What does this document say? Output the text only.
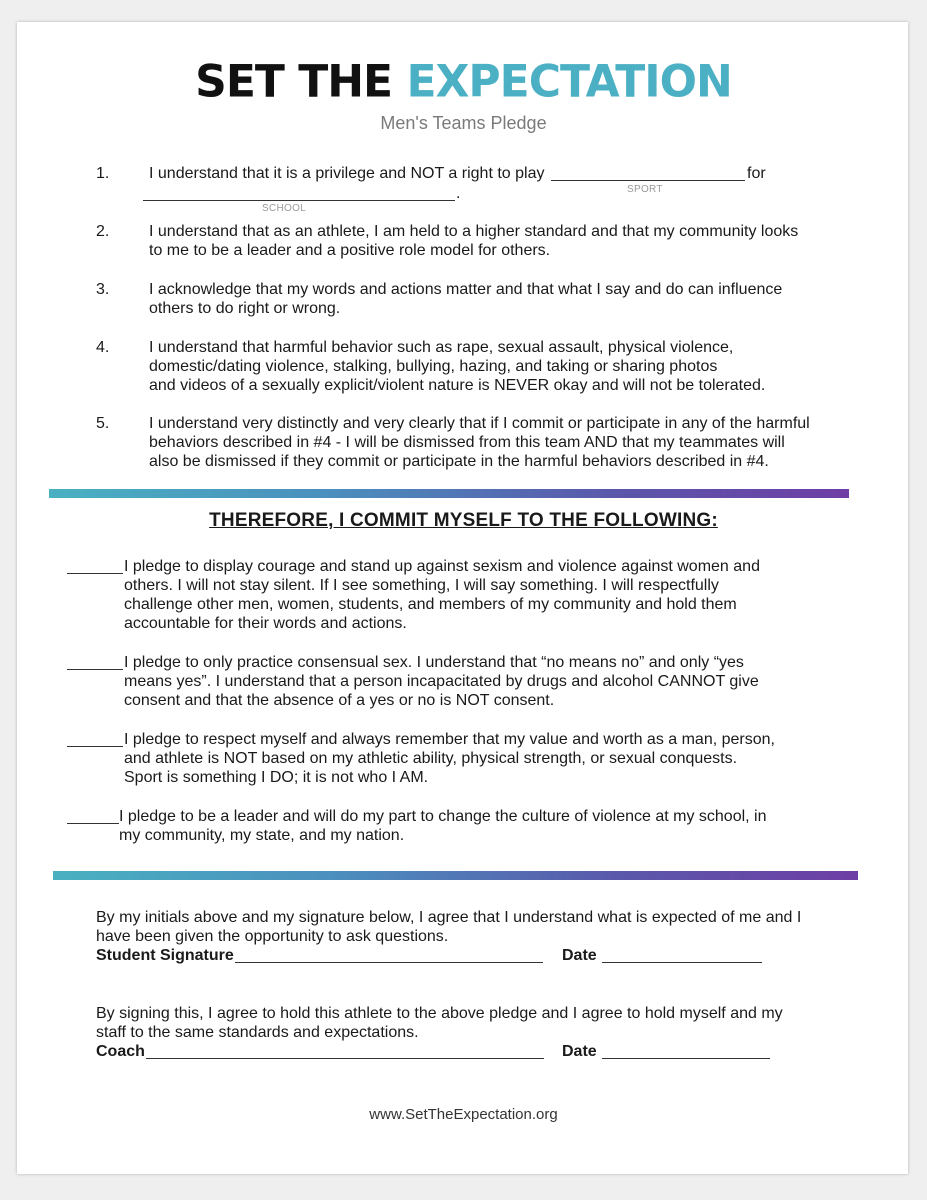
SET THE EXPECTATION
Men's Teams Pledge
1. I understand that it is a privilege and NOT a right to play
SPORT
for
.
SCHOOL
2. I understand that as an athlete, I am held to a higher standard and that my community looks
to me to be a leader and a positive role model for others.
3. I acknowledge that my words and actions matter and that what I say and do can influence
others to do right or wrong.
4. I understand that harmful behavior such as rape, sexual assault, physical violence,
domestic/dating violence, stalking, bullying, hazing, and taking or sharing photos
and videos of a sexually explicit/violent nature is NEVER okay and will not be tolerated.
5. I understand very distinctly and very clearly that if I commit or participate in any of the harmful
behaviors described in #4 - I will be dismissed from this team AND that my teammates will
also be dismissed if they commit or participate in the harmful behaviors described in #4.
THEREFORE, I COMMIT MYSELF TO THE FOLLOWING:
I pledge to display courage and stand up against sexism and violence against women and
others. I will not stay silent. If I see something, I will say something. I will respectfully
challenge other men, women, students, and members of my community and hold them
accountable for their words and actions.
I pledge to only practice consensual sex. I understand that “no means no” and only “yes
means yes”. I understand that a person incapacitated by drugs and alcohol CANNOT give
consent and that the absence of a yes or no is NOT consent.
I pledge to respect myself and always remember that my value and worth as a man, person,
and athlete is NOT based on my athletic ability, physical strength, or sexual conquests.
Sport is something I DO; it is not who I AM.
I pledge to be a leader and will do my part to change the culture of violence at my school, in
my community, my state, and my nation.
By my initials above and my signature below, I agree that I understand what is expected of me and I
have been given the opportunity to ask questions.
Student Signature	Date
By signing this, I agree to hold this athlete to the above pledge and I agree to hold myself and my
staff to the same standards and expectations.
Coach	Date
www.SetTheExpectation.org
